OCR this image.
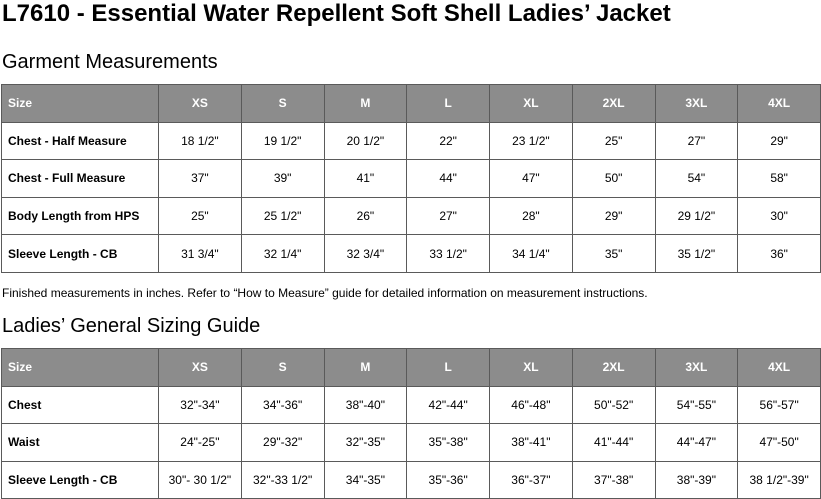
L7610 - Essential Water Repellent Soft Shell Ladies’ Jacket
Garment Measurements
Size	XS	S	M	L	XL	2XL	3XL	4XL
Chest - Half Measure	18 1/2"	19 1/2"	20 1/2"	22"	23 1/2"	25"	27"	29"
Chest - Full Measure	37"	39"	41"	44"	47"	50"	54"	58"
Body Length from HPS	25"	25 1/2"	26"	27"	28"	29"	29 1/2"	30"
Sleeve Length - CB	31 3/4"	32 1/4"	32 3/4"	33 1/2"	34 1/4"	35"	35 1/2"	36"
Finished measurements in inches. Refer to “How to Measure” guide for detailed information on measurement instructions.
Ladies’ General Sizing Guide
Size	XS	S	M	L	XL	2XL	3XL	4XL
Chest	32"-34"	34"-36"	38"-40"	42"-44"	46"-48"	50"-52"	54"-55"	56"-57"
Waist	24"-25"	29"-32"	32"-35"	35"-38"	38"-41"	41"-44"	44"-47"	47"-50"
Sleeve Length - CB	30"- 30 1/2"	32"-33 1/2"	34"-35"	35"-36"	36"-37"	37"-38"	38"-39"	38 1/2"-39"
